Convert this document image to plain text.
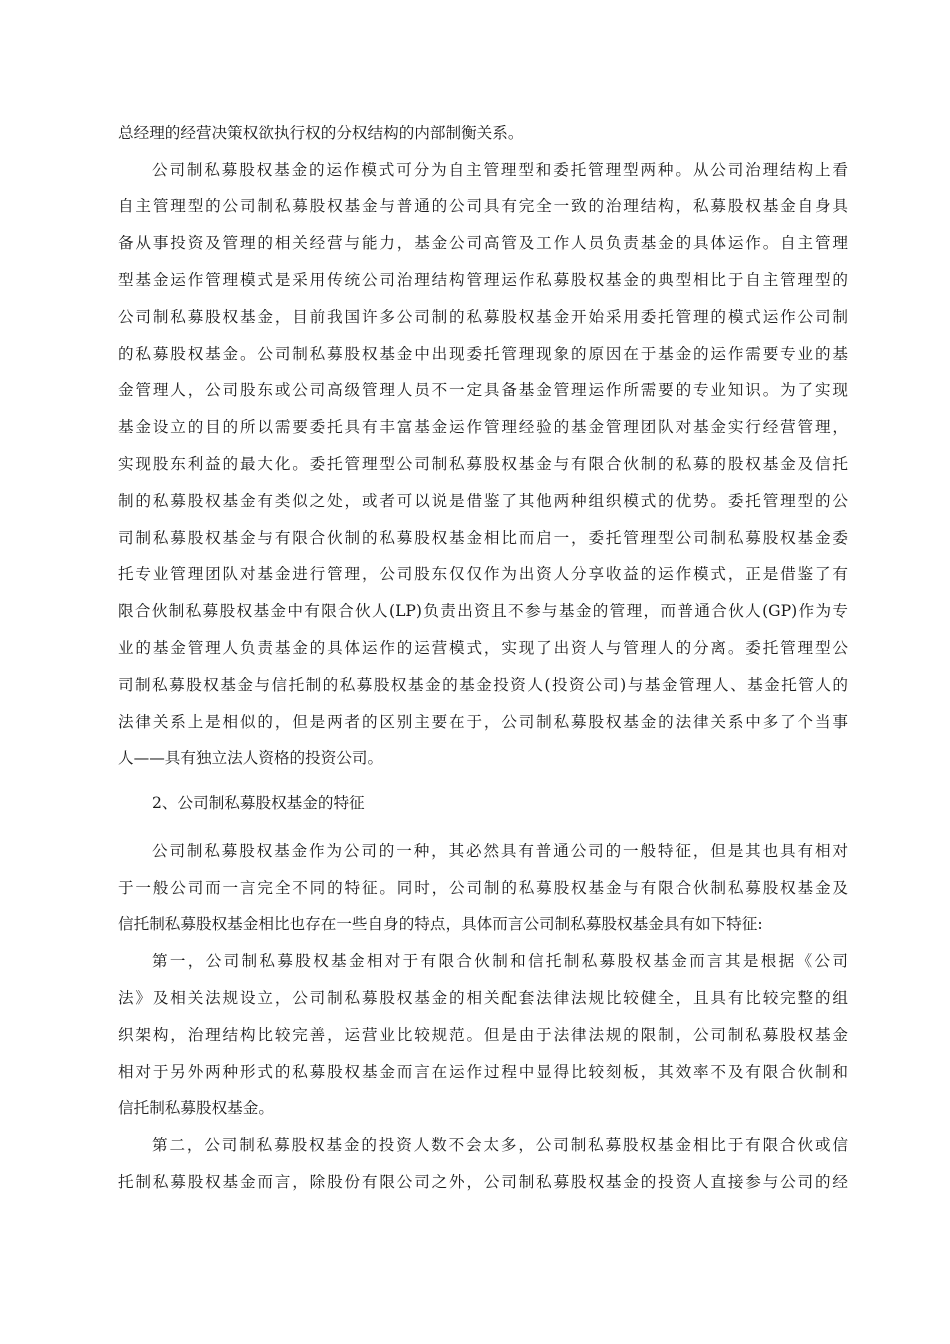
总经理的经营决策权欲执行权的分权结构的内部制衡关系。
公司制私募股权基金的运作模式可分为自主管理型和委托管理型两种。从公司治理结构上看
自主管理型的公司制私募股权基金与普通的公司具有完全一致的治理结构，私募股权基金自身具
备从事投资及管理的相关经营与能力，基金公司高管及工作人员负责基金的具体运作。自主管理
型基金运作管理模式是采用传统公司治理结构管理运作私募股权基金的典型相比于自主管理型的
公司制私募股权基金，目前我国许多公司制的私募股权基金开始采用委托管理的模式运作公司制
的私募股权基金。公司制私募股权基金中出现委托管理现象的原因在于基金的运作需要专业的基
金管理人，公司股东或公司高级管理人员不一定具备基金管理运作所需要的专业知识。为了实现
基金设立的目的所以需要委托具有丰富基金运作管理经验的基金管理团队对基金实行经营管理，
实现股东利益的最大化。委托管理型公司制私募股权基金与有限合伙制的私募的股权基金及信托
制的私募股权基金有类似之处，或者可以说是借鉴了其他两种组织模式的优势。委托管理型的公
司制私募股权基金与有限合伙制的私募股权基金相比而启一，委托管理型公司制私募股权基金委
托专业管理团队对基金进行管理，公司股东仅仅作为出资人分享收益的运作模式，正是借鉴了有
限合伙制私募股权基金中有限合伙人(LP)负责出资且不参与基金的管理，而普通合伙人(GP)作为专
业的基金管理人负责基金的具体运作的运营模式，实现了出资人与管理人的分离。委托管理型公
司制私募股权基金与信托制的私募股权基金的基金投资人(投资公司)与基金管理人、基金托管人的
法律关系上是相似的，但是两者的区别主要在于，公司制私募股权基金的法律关系中多了个当事
人——具有独立法人资格的投资公司。
2、公司制私募股权基金的特征
公司制私募股权基金作为公司的一种，其必然具有普通公司的一般特征，但是其也具有相对
于一般公司而一言完全不同的特征。同时，公司制的私募股权基金与有限合伙制私募股权基金及
信托制私募股权基金相比也存在一些自身的特点，具体而言公司制私募股权基金具有如下特征:
第一，公司制私募股权基金相对于有限合伙制和信托制私募股权基金而言其是根据《公司
法》及相关法规设立，公司制私募股权基金的相关配套法律法规比较健全，且具有比较完整的组
织架构，治理结构比较完善，运营业比较规范。但是由于法律法规的限制，公司制私募股权基金
相对于另外两种形式的私募股权基金而言在运作过程中显得比较刻板，其效率不及有限合伙制和
信托制私募股权基金。
第二，公司制私募股权基金的投资人数不会太多，公司制私募股权基金相比于有限合伙或信
托制私募股权基金而言，除股份有限公司之外，公司制私募股权基金的投资人直接参与公司的经
